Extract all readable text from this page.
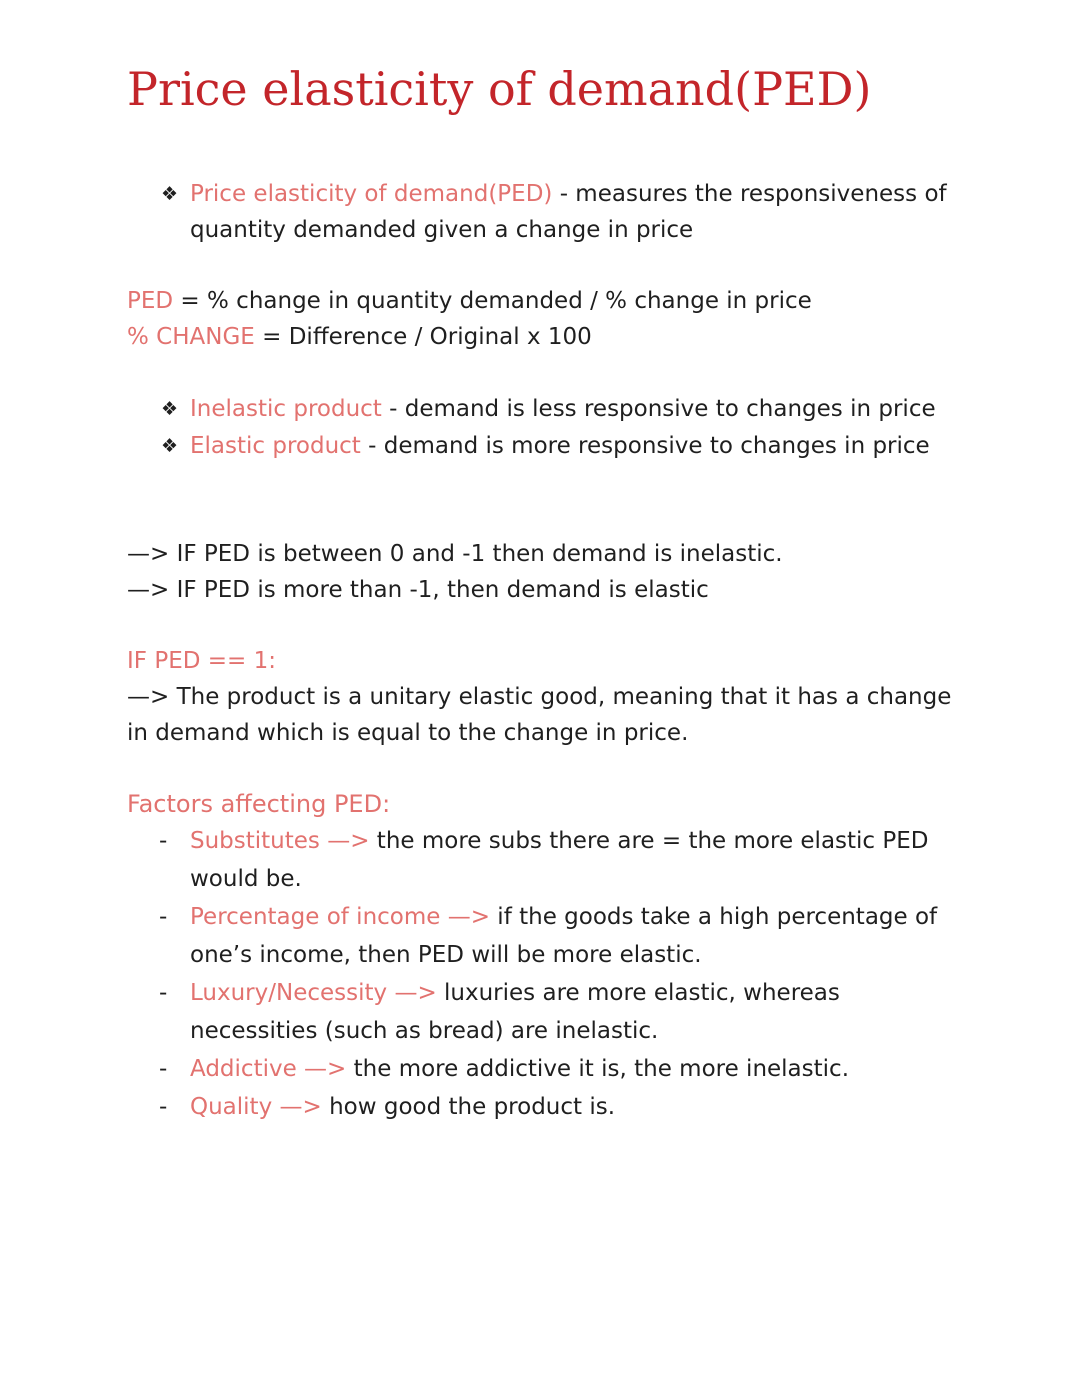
Price elasticity of demand(PED)
❖ Price elasticity of demand(PED) - measures the responsiveness of quantity demanded given a change in price
PED = % change in quantity demanded / % change in price
% CHANGE = Difference / Original x 100
❖ Inelastic product - demand is less responsive to changes in price
❖ Elastic product - demand is more responsive to changes in price
—> IF PED is between 0 and -1 then demand is inelastic.
—> IF PED is more than -1, then demand is elastic
IF PED == 1:
—> The product is a unitary elastic good, meaning that it has a change in demand which is equal to the change in price.
Factors affecting PED:
- Substitutes —> the more subs there are = the more elastic PED would be.
- Percentage of income —> if the goods take a high percentage of one’s income, then PED will be more elastic.
- Luxury/Necessity —> luxuries are more elastic, whereas necessities (such as bread) are inelastic.
- Addictive —> the more addictive it is, the more inelastic.
- Quality —> how good the product is.
